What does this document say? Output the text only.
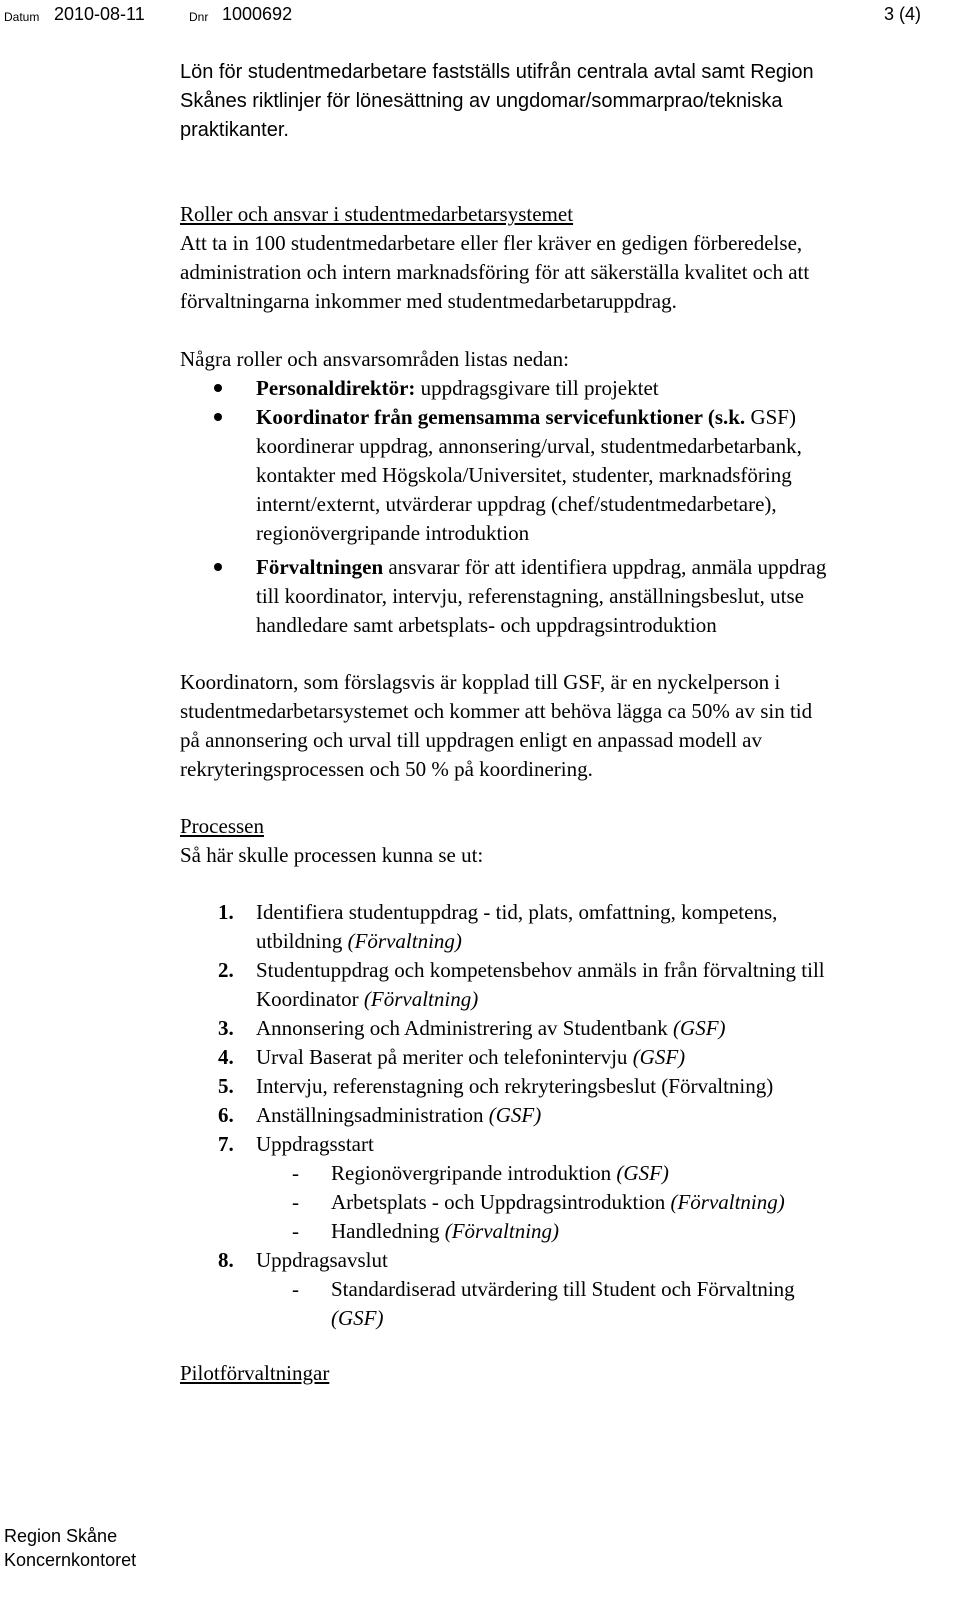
Datum 2010-08-11	Dnr 1000692	3 (4)
Lön för studentmedarbetare fastställs utifrån centrala avtal samt Region
Skånes riktlinjer för lönesättning av ungdomar/sommarprao/tekniska
praktikanter.
Roller och ansvar i studentmedarbetarsystemet
Att ta in 100 studentmedarbetare eller fler kräver en gedigen förberedelse,
administration och intern marknadsföring för att säkerställa kvalitet och att
förvaltningarna inkommer med studentmedarbetaruppdrag.
Några roller och ansvarsområden listas nedan:
Personaldirektör: uppdragsgivare till projektet
Koordinator från gemensamma servicefunktioner (s.k. GSF)
koordinerar uppdrag, annonsering/urval, studentmedarbetarbank,
kontakter med Högskola/Universitet, studenter, marknadsföring
internt/externt, utvärderar uppdrag (chef/studentmedarbetare),
regionövergripande introduktion
Förvaltningen ansvarar för att identifiera uppdrag, anmäla uppdrag
till koordinator, intervju, referenstagning, anställningsbeslut, utse
handledare samt arbetsplats- och uppdragsintroduktion
Koordinatorn, som förslagsvis är kopplad till GSF, är en nyckelperson i
studentmedarbetarsystemet och kommer att behöva lägga ca 50% av sin tid
på annonsering och urval till uppdragen enligt en anpassad modell av
rekryteringsprocessen och 50 % på koordinering.
Processen
Så här skulle processen kunna se ut:
1. Identifiera studentuppdrag - tid, plats, omfattning, kompetens,
utbildning (Förvaltning)
2. Studentuppdrag och kompetensbehov anmäls in från förvaltning till
Koordinator (Förvaltning)
3. Annonsering och Administrering av Studentbank (GSF)
4. Urval Baserat på meriter och telefonintervju (GSF)
5. Intervju, referenstagning och rekryteringsbeslut (Förvaltning)
6. Anställningsadministration (GSF)
7. Uppdragsstart
- Regionövergripande introduktion (GSF)
- Arbetsplats - och Uppdragsintroduktion (Förvaltning)
- Handledning (Förvaltning)
8. Uppdragsavslut
- Standardiserad utvärdering till Student och Förvaltning
(GSF)
Pilotförvaltningar
Region Skåne
Koncernkontoret
